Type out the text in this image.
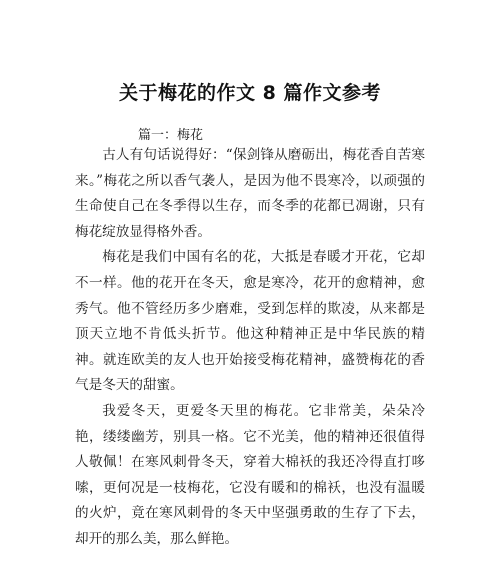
关于梅花的作文 8 篇作文参考
篇一：梅花

古人有句话说得好：“保剑锋从磨砺出，梅花香自苦寒来。”梅花之所以香气袭人，是因为他不畏寒冷，以顽强的生命使自己在冬季得以生存，而冬季的花都已凋谢，只有梅花绽放显得格外香。

梅花是我们中国有名的花，大抵是春暖才开花，它却不一样。他的花开在冬天，愈是寒冷，花开的愈精神，愈秀气。他不管经历多少磨难，受到怎样的欺凌，从来都是顶天立地不肯低头折节。他这种精神正是中华民族的精神。就连欧美的友人也开始接受梅花精神，盛赞梅花的香气是冬天的甜蜜。

我爱冬天，更爱冬天里的梅花。它非常美，朵朵冷艳，缕缕幽芳，别具一格。它不光美，他的精神还很值得人敬佩！在寒风刺骨冬天，穿着大棉袄的我还冷得直打哆嗦，更何况是一枝梅花，它没有暖和的棉袄，也没有温暖的火炉，竟在寒风刺骨的冬天中坚强勇敢的生存了下去，却开的那么美，那么鲜艳。
